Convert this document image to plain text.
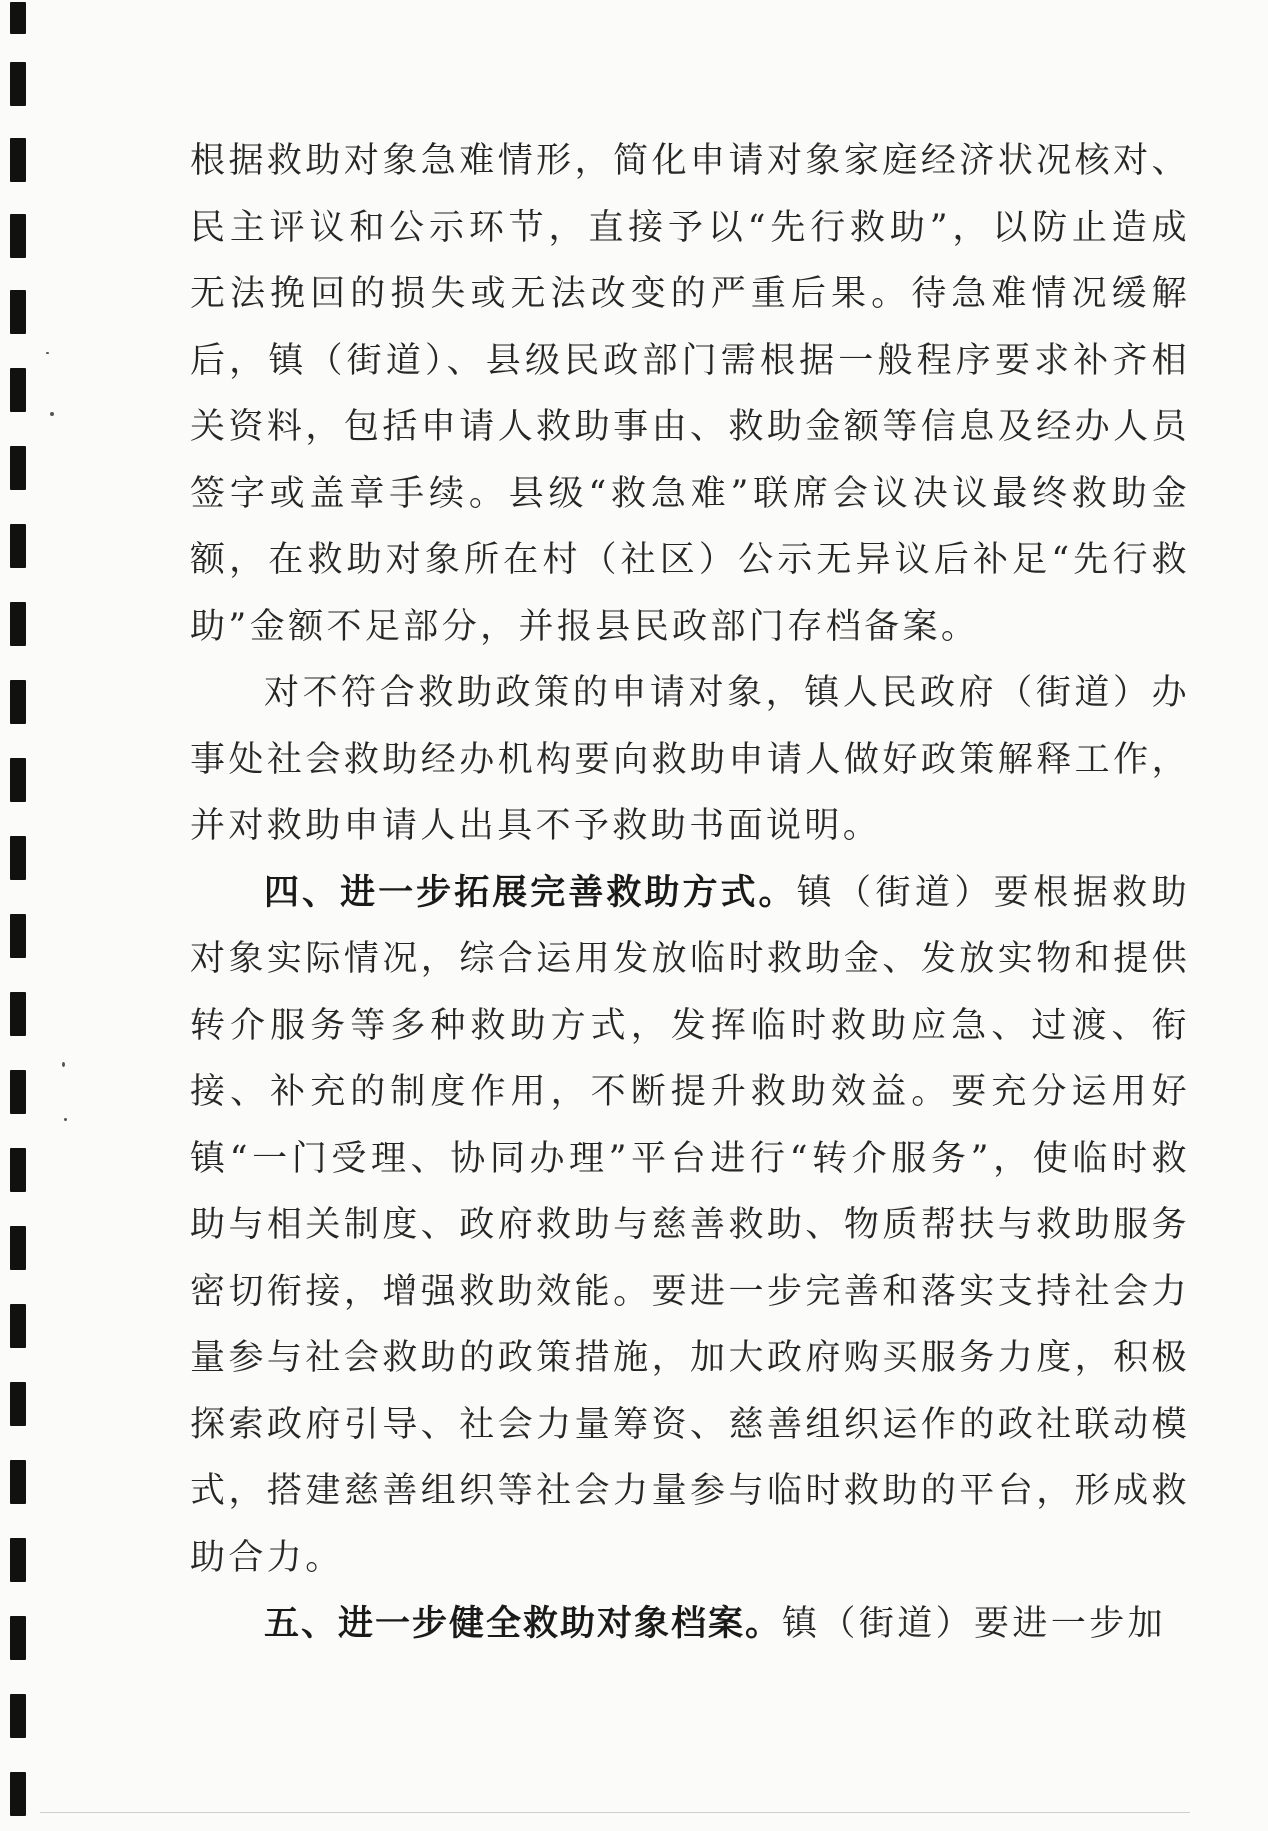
根据救助对象急难情形，简化申请对象家庭经济状况核对、民主评议和公示环节，直接予以“先行救助”，以防止造成无法挽回的损失或无法改变的严重后果。待急难情况缓解后，镇（街道）、县级民政部门需根据一般程序要求补齐相关资料，包括申请人救助事由、救助金额等信息及经办人员签字或盖章手续。县级“救急难”联席会议决议最终救助金额，在救助对象所在村（社区）公示无异议后补足“先行救助”金额不足部分，并报县民政部门存档备案。

对不符合救助政策的申请对象，镇人民政府（街道）办事处社会救助经办机构要向救助申请人做好政策解释工作，并对救助申请人出具不予救助书面说明。

四、进一步拓展完善救助方式。镇（街道）要根据救助对象实际情况，综合运用发放临时救助金、发放实物和提供转介服务等多种救助方式，发挥临时救助应急、过渡、衔接、补充的制度作用，不断提升救助效益。要充分运用好镇“一门受理、协同办理”平台进行“转介服务”，使临时救助与相关制度、政府救助与慈善救助、物质帮扶与救助服务密切衔接，增强救助效能。要进一步完善和落实支持社会力量参与社会救助的政策措施，加大政府购买服务力度，积极探索政府引导、社会力量筹资、慈善组织运作的政社联动模式，搭建慈善组织等社会力量参与临时救助的平台，形成救助合力。

五、进一步健全救助对象档案。镇（街道）要进一步加
